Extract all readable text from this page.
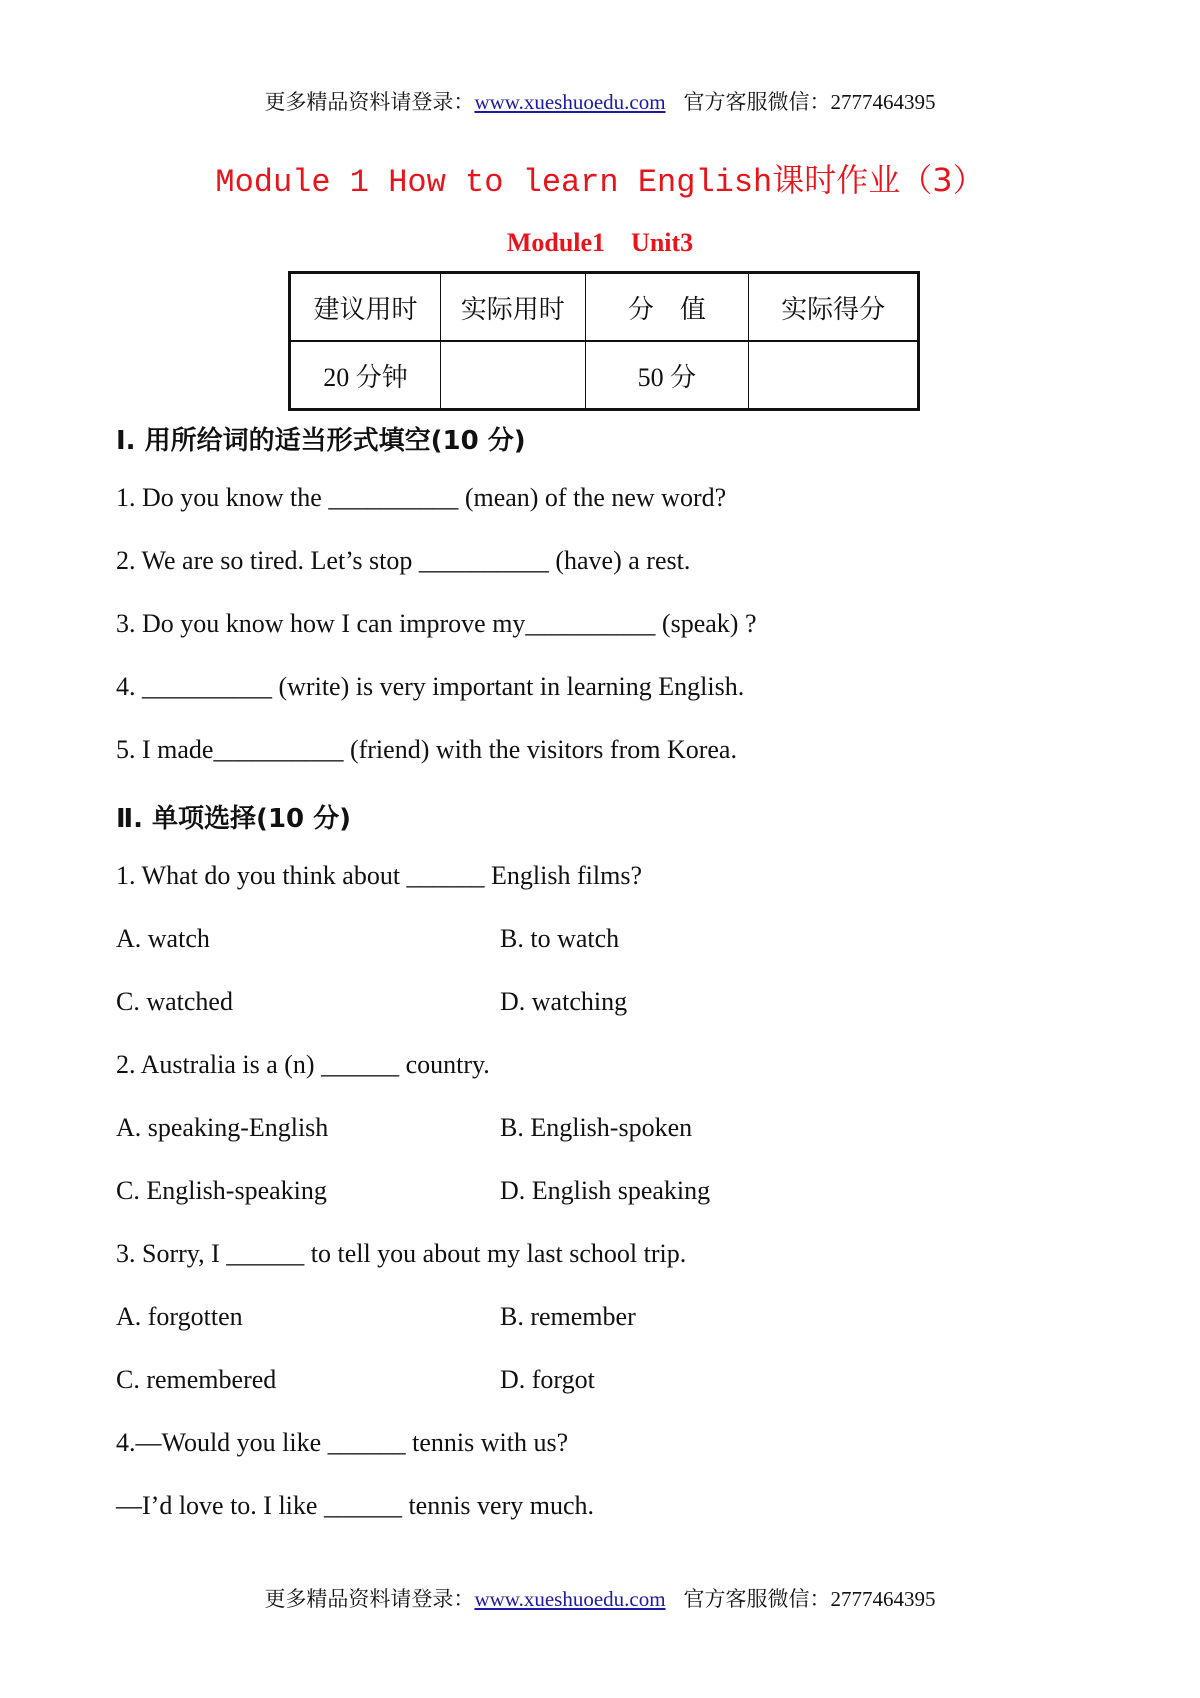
更多精品资料请登录：www.xueshuoedu.com 官方客服微信：2777464395
Module 1 How to learn English课时作业（3）
Module1　Unit3
建议用时	实际用时	分　值	实际得分
20 分钟		50 分	
Ⅰ. 用所给词的适当形式填空(10 分)
1. Do you know the __________ (mean) of the new word?
2. We are so tired. Let’s stop __________ (have) a rest.
3. Do you know how I can improve my__________ (speak) ?
4. __________ (write) is very important in learning English.
5. I made__________ (friend) with the visitors from Korea.
Ⅱ. 单项选择(10 分)
1. What do you think about ______ English films?
A. watch	B. to watch
C. watched	D. watching
2. Australia is a (n) ______ country.
A. speaking-English	B. English-spoken
C. English-speaking	D. English speaking
3. Sorry, I ______ to tell you about my last school trip.
A. forgotten	B. remember
C. remembered	D. forgot
4.—Would you like ______ tennis with us?
—I’d love to. I like ______ tennis very much.
更多精品资料请登录：www.xueshuoedu.com 官方客服微信：2777464395
